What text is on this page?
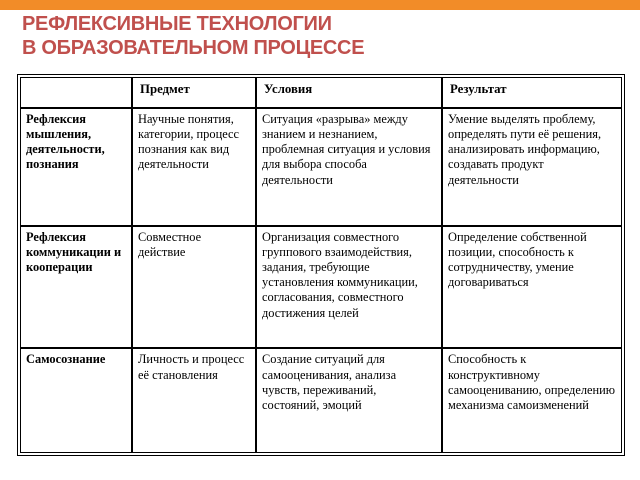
РЕФЛЕКСИВНЫЕ ТЕХНОЛОГИИ
В ОБРАЗОВАТЕЛЬНОМ ПРОЦЕССЕ
	Предмет	Условия	Результат
Рефлексия мышления, деятельности, познания	Научные понятия, категории, процесс познания как вид деятельности	Ситуация «разрыва» между знанием и незнанием, проблемная ситуация и условия для выбора способа деятельности	Умение выделять проблему, определять пути её решения, анализировать информацию, создавать продукт деятельности
Рефлексия коммуникации и кооперации	Совместное действие	Организация совместного группового взаимодействия, задания, требующие установления коммуникации, согласования, совместного достижения целей	Определение собственной позиции, способность к сотрудничеству, умение договариваться
Самосознание	Личность и процесс её становления	Создание ситуаций для самооценивания, анализа чувств, переживаний, состояний, эмоций	Способность к конструктивному самооцениванию, определению механизма самоизменений
